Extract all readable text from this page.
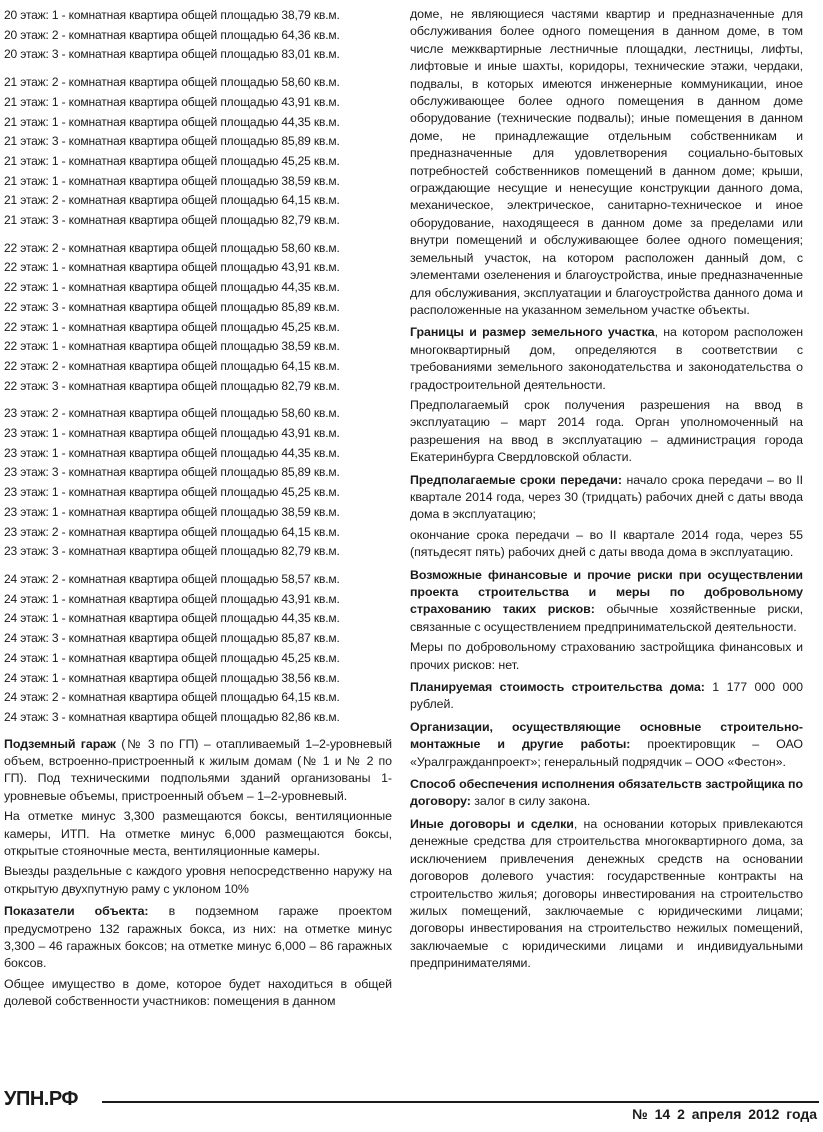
20 этаж: 1 - комнатная квартира общей площадью 38,79 кв.м.
20 этаж: 2 - комнатная квартира общей площадью 64,36 кв.м.
20 этаж: 3 - комнатная квартира общей площадью 83,01 кв.м.
21 этаж: 2 - комнатная квартира общей площадью 58,60 кв.м.
21 этаж: 1 - комнатная квартира общей площадью 43,91 кв.м.
21 этаж: 1 - комнатная квартира общей площадью 44,35 кв.м.
21 этаж: 3 - комнатная квартира общей площадью 85,89 кв.м.
21 этаж: 1 - комнатная квартира общей площадью 45,25 кв.м.
21 этаж: 1 - комнатная квартира общей площадью 38,59 кв.м.
21 этаж: 2 - комнатная квартира общей площадью 64,15 кв.м.
21 этаж: 3 - комнатная квартира общей площадью 82,79 кв.м.
22 этаж: 2 - комнатная квартира общей площадью 58,60 кв.м.
22 этаж: 1 - комнатная квартира общей площадью 43,91 кв.м.
22 этаж: 1 - комнатная квартира общей площадью 44,35 кв.м.
22 этаж: 3 - комнатная квартира общей площадью 85,89 кв.м.
22 этаж: 1 - комнатная квартира общей площадью 45,25 кв.м.
22 этаж: 1 - комнатная квартира общей площадью 38,59 кв.м.
22 этаж: 2 - комнатная квартира общей площадью 64,15 кв.м.
22 этаж: 3 - комнатная квартира общей площадью 82,79 кв.м.
23 этаж: 2 - комнатная квартира общей площадью 58,60 кв.м.
23 этаж: 1 - комнатная квартира общей площадью 43,91 кв.м.
23 этаж: 1 - комнатная квартира общей площадью 44,35 кв.м.
23 этаж: 3 - комнатная квартира общей площадью 85,89 кв.м.
23 этаж: 1 - комнатная квартира общей площадью 45,25 кв.м.
23 этаж: 1 - комнатная квартира общей площадью 38,59 кв.м.
23 этаж: 2 - комнатная квартира общей площадью 64,15 кв.м.
23 этаж: 3 - комнатная квартира общей площадью 82,79 кв.м.
24 этаж: 2 - комнатная квартира общей площадью 58,57 кв.м.
24 этаж: 1 - комнатная квартира общей площадью 43,91 кв.м.
24 этаж: 1 - комнатная квартира общей площадью 44,35 кв.м.
24 этаж: 3 - комнатная квартира общей площадью 85,87 кв.м.
24 этаж: 1 - комнатная квартира общей площадью 45,25 кв.м.
24 этаж: 1 - комнатная квартира общей площадью 38,56 кв.м.
24 этаж: 2 - комнатная квартира общей площадью 64,15 кв.м.
24 этаж: 3 - комнатная квартира общей площадью 82,86 кв.м.

Подземный гараж (№ 3 по ГП) – отапливаемый 1–2-уровневый объем, встроенно-пристроенный к жилым домам (№ 1 и № 2 по ГП). Под техническими подпольями зданий организованы 1-уровневые объемы, пристроенный объем – 1–2-уровневый.

На отметке минус 3,300 размещаются боксы, вентиляционные камеры, ИТП. На отметке минус 6,000 размещаются боксы, открытые стояночные места, вентиляционные камеры.

Выезды раздельные с каждого уровня непосредственно наружу на открытую двухпутную раму с уклоном 10%

Показатели объекта: в подземном гараже проектом предусмотрено 132 гаражных бокса, из них: на отметке минус 3,300 – 46 гаражных боксов; на отметке минус 6,000 – 86 гаражных боксов.

Общее имущество в доме, которое будет находиться в общей долевой собственности участников: помещения в данном

доме, не являющиеся частями квартир и предназначенные для обслуживания более одного помещения в данном доме, в том числе межквартирные лестничные площадки, лестницы, лифты, лифтовые и иные шахты, коридоры, технические этажи, чердаки, подвалы, в которых имеются инженерные коммуникации, иное обслуживающее более одного помещения в данном доме оборудование (технические подвалы); иные помещения в данном доме, не принадлежащие отдельным собственникам и предназначенные для удовлетворения социально-бытовых потребностей собственников помещений в данном доме; крыши, ограждающие несущие и ненесущие конструкции данного дома, механическое, электрическое, санитарно-техническое и иное оборудование, находящееся в данном доме за пределами или внутри помещений и обслуживающее более одного помещения; земельный участок, на котором расположен данный дом, с элементами озеленения и благоустройства, иные предназначенные для обслуживания, эксплуатации и благоустройства данного дома и расположенные на указанном земельном участке объекты.

Границы и размер земельного участка, на котором расположен многоквартирный дом, определяются в соответствии с требованиями земельного законодательства и законодательства о градостроительной деятельности.

Предполагаемый срок получения разрешения на ввод в эксплуатацию – март 2014 года. Орган уполномоченный на разрешения на ввод в эксплуатацию – администрация города Екатеринбурга Свердловской области.

Предполагаемые сроки передачи: начало срока передачи – во II квартале 2014 года, через 30 (тридцать) рабочих дней с даты ввода дома в эксплуатацию;

окончание срока передачи – во II квартале 2014 года, через 55 (пятьдесят пять) рабочих дней с даты ввода дома в эксплуатацию.

Возможные финансовые и прочие риски при осуществлении проекта строительства и меры по добровольному страхованию таких рисков: обычные хозяйственные риски, связанные с осуществлением предпринимательской деятельности.

Меры по добровольному страхованию застройщика финансовых и прочих рисков: нет.

Планируемая стоимость строительства дома: 1 177 000 000 рублей.

Организации, осуществляющие основные строительно-монтажные и другие работы: проектировщик – ОАО «Уралгражданпроект»; генеральный подрядчик – ООО «Фестон».

Способ обеспечения исполнения обязательств застройщика по договору: залог в силу закона.

Иные договоры и сделки, на основании которых привлекаются денежные средства для строительства многоквартирного дома, за исключением привлечения денежных средств на основании договоров долевого участия: государственные контракты на строительство жилья; договоры инвестирования на строительство жилых помещений, заключаемые с юридическими лицами; договоры инвестирования на строительство нежилых помещений, заключаемые с юридическими лицами и индивидуальными предпринимателями.

УПН.РФ
№ 14 2 апреля 2012 года
